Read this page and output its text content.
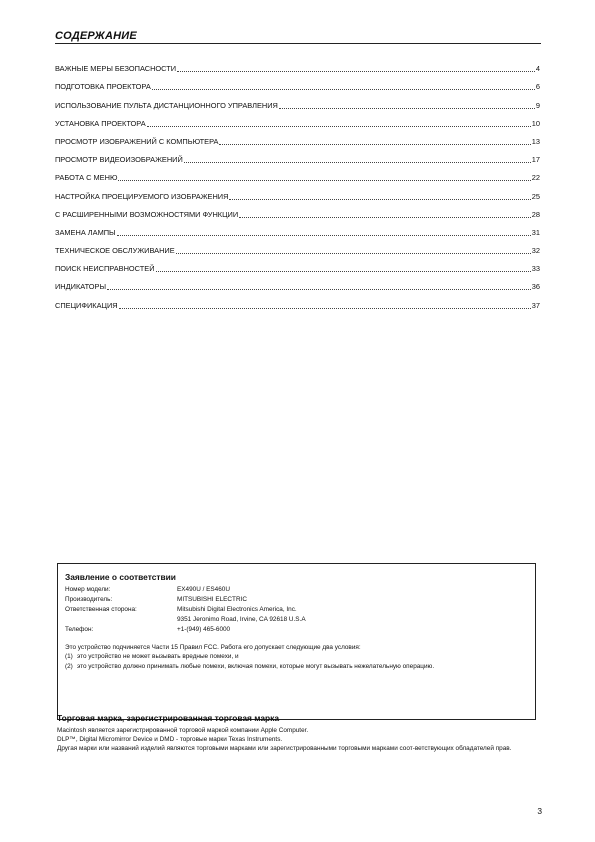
СОДЕРЖАНИЕ
ВАЖНЫЕ МЕРЫ БЕЗОПАСНОСТИ	4
ПОДГОТОВКА ПРОЕКТОРА	6
ИСПОЛЬЗОВАНИЕ ПУЛЬТА ДИСТАНЦИОННОГО УПРАВЛЕНИЯ	9
УСТАНОВКА ПРОЕКТОРА	10
ПРОСМОТР ИЗОБРАЖЕНИЙ С КОМПЬЮТЕРА	13
ПРОСМОТР ВИДЕОИЗОБРАЖЕНИЙ	17
РАБОТА С МЕНЮ	22
НАСТРОЙКА ПРОЕЦИРУЕМОГО ИЗОБРАЖЕНИЯ	25
С РАСШИРЕННЫМИ ВОЗМОЖНОСТЯМИ ФУНКЦИИ	28
ЗАМЕНА ЛАМПЫ	31
ТЕХНИЧЕСКОЕ ОБСЛУЖИВАНИЕ	32
ПОИСК НЕИСПРАВНОСТЕЙ	33
ИНДИКАТОРЫ	36
СПЕЦИФИКАЦИЯ	37
Заявление о соответствии
Номер модели:	EX490U / ES460U
Производитель:	MITSUBISHI ELECTRIC
Ответственная сторона:	Mitsubishi Digital Electronics America, Inc.
9351 Jeronimo Road, Irvine, CA 92618 U.S.A
Телефон:	+1-(949) 465-6000
Это устройство подчиняется Части 15 Правил FCC. Работа его допускает следующие два условия:
(1) это устройство не может вызывать вредные помехи, и
(2) это устройство должно принимать любые помехи, включая помехи, которые могут вызывать нежелательную операцию.
Торговая марка, зарегистрированная торговая марка
Macintosh является зарегистрированной торговой маркой компании Apple Computer.
DLP™, Digital Micromirror Device и DMD - торговые марки Texas Instruments.
Другая марки или названий изделий являются торговыми марками или зарегистрированными торговыми марками соот-ветствующих обладателей прав.
3
